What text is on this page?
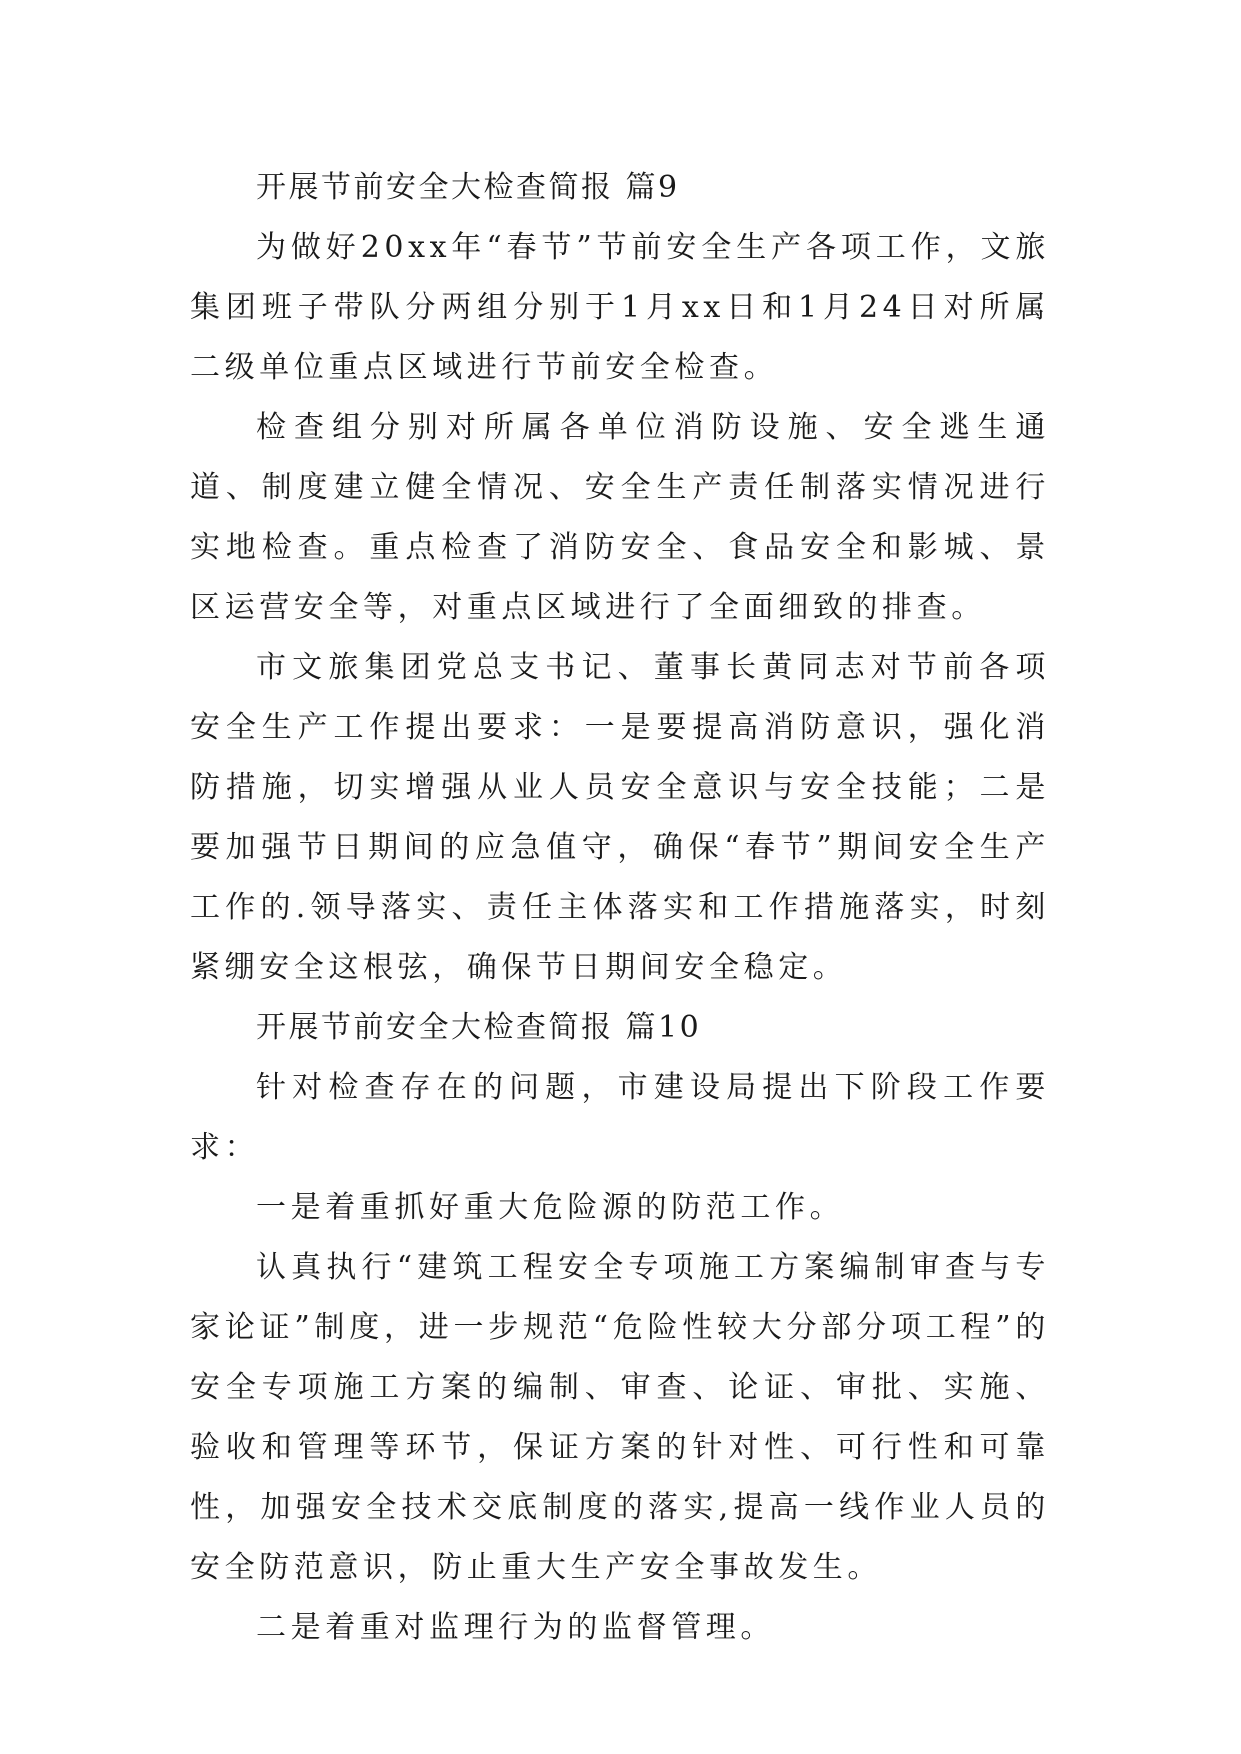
开展节前安全大检查简报 篇9

为做好20xx年“春节”节前安全生产各项工作，文旅集团班子带队分两组分别于1月xx日和1月24日对所属二级单位重点区域进行节前安全检查。

检查组分别对所属各单位消防设施、安全逃生通道、制度建立健全情况、安全生产责任制落实情况进行实地检查。重点检查了消防安全、食品安全和影城、景区运营安全等，对重点区域进行了全面细致的排查。

市文旅集团党总支书记、董事长黄同志对节前各项安全生产工作提出要求：一是要提高消防意识，强化消防措施，切实增强从业人员安全意识与安全技能；二是要加强节日期间的应急值守，确保“春节”期间安全生产工作的.领导落实、责任主体落实和工作措施落实，时刻紧绷安全这根弦，确保节日期间安全稳定。

开展节前安全大检查简报 篇10

针对检查存在的问题，市建设局提出下阶段工作要求：

一是着重抓好重大危险源的防范工作。

认真执行“建筑工程安全专项施工方案编制审查与专家论证”制度，进一步规范“危险性较大分部分项工程”的安全专项施工方案的编制、审查、论证、审批、实施、验收和管理等环节，保证方案的针对性、可行性和可靠性，加强安全技术交底制度的落实,提高一线作业人员的安全防范意识，防止重大生产安全事故发生。

二是着重对监理行为的监督管理。
